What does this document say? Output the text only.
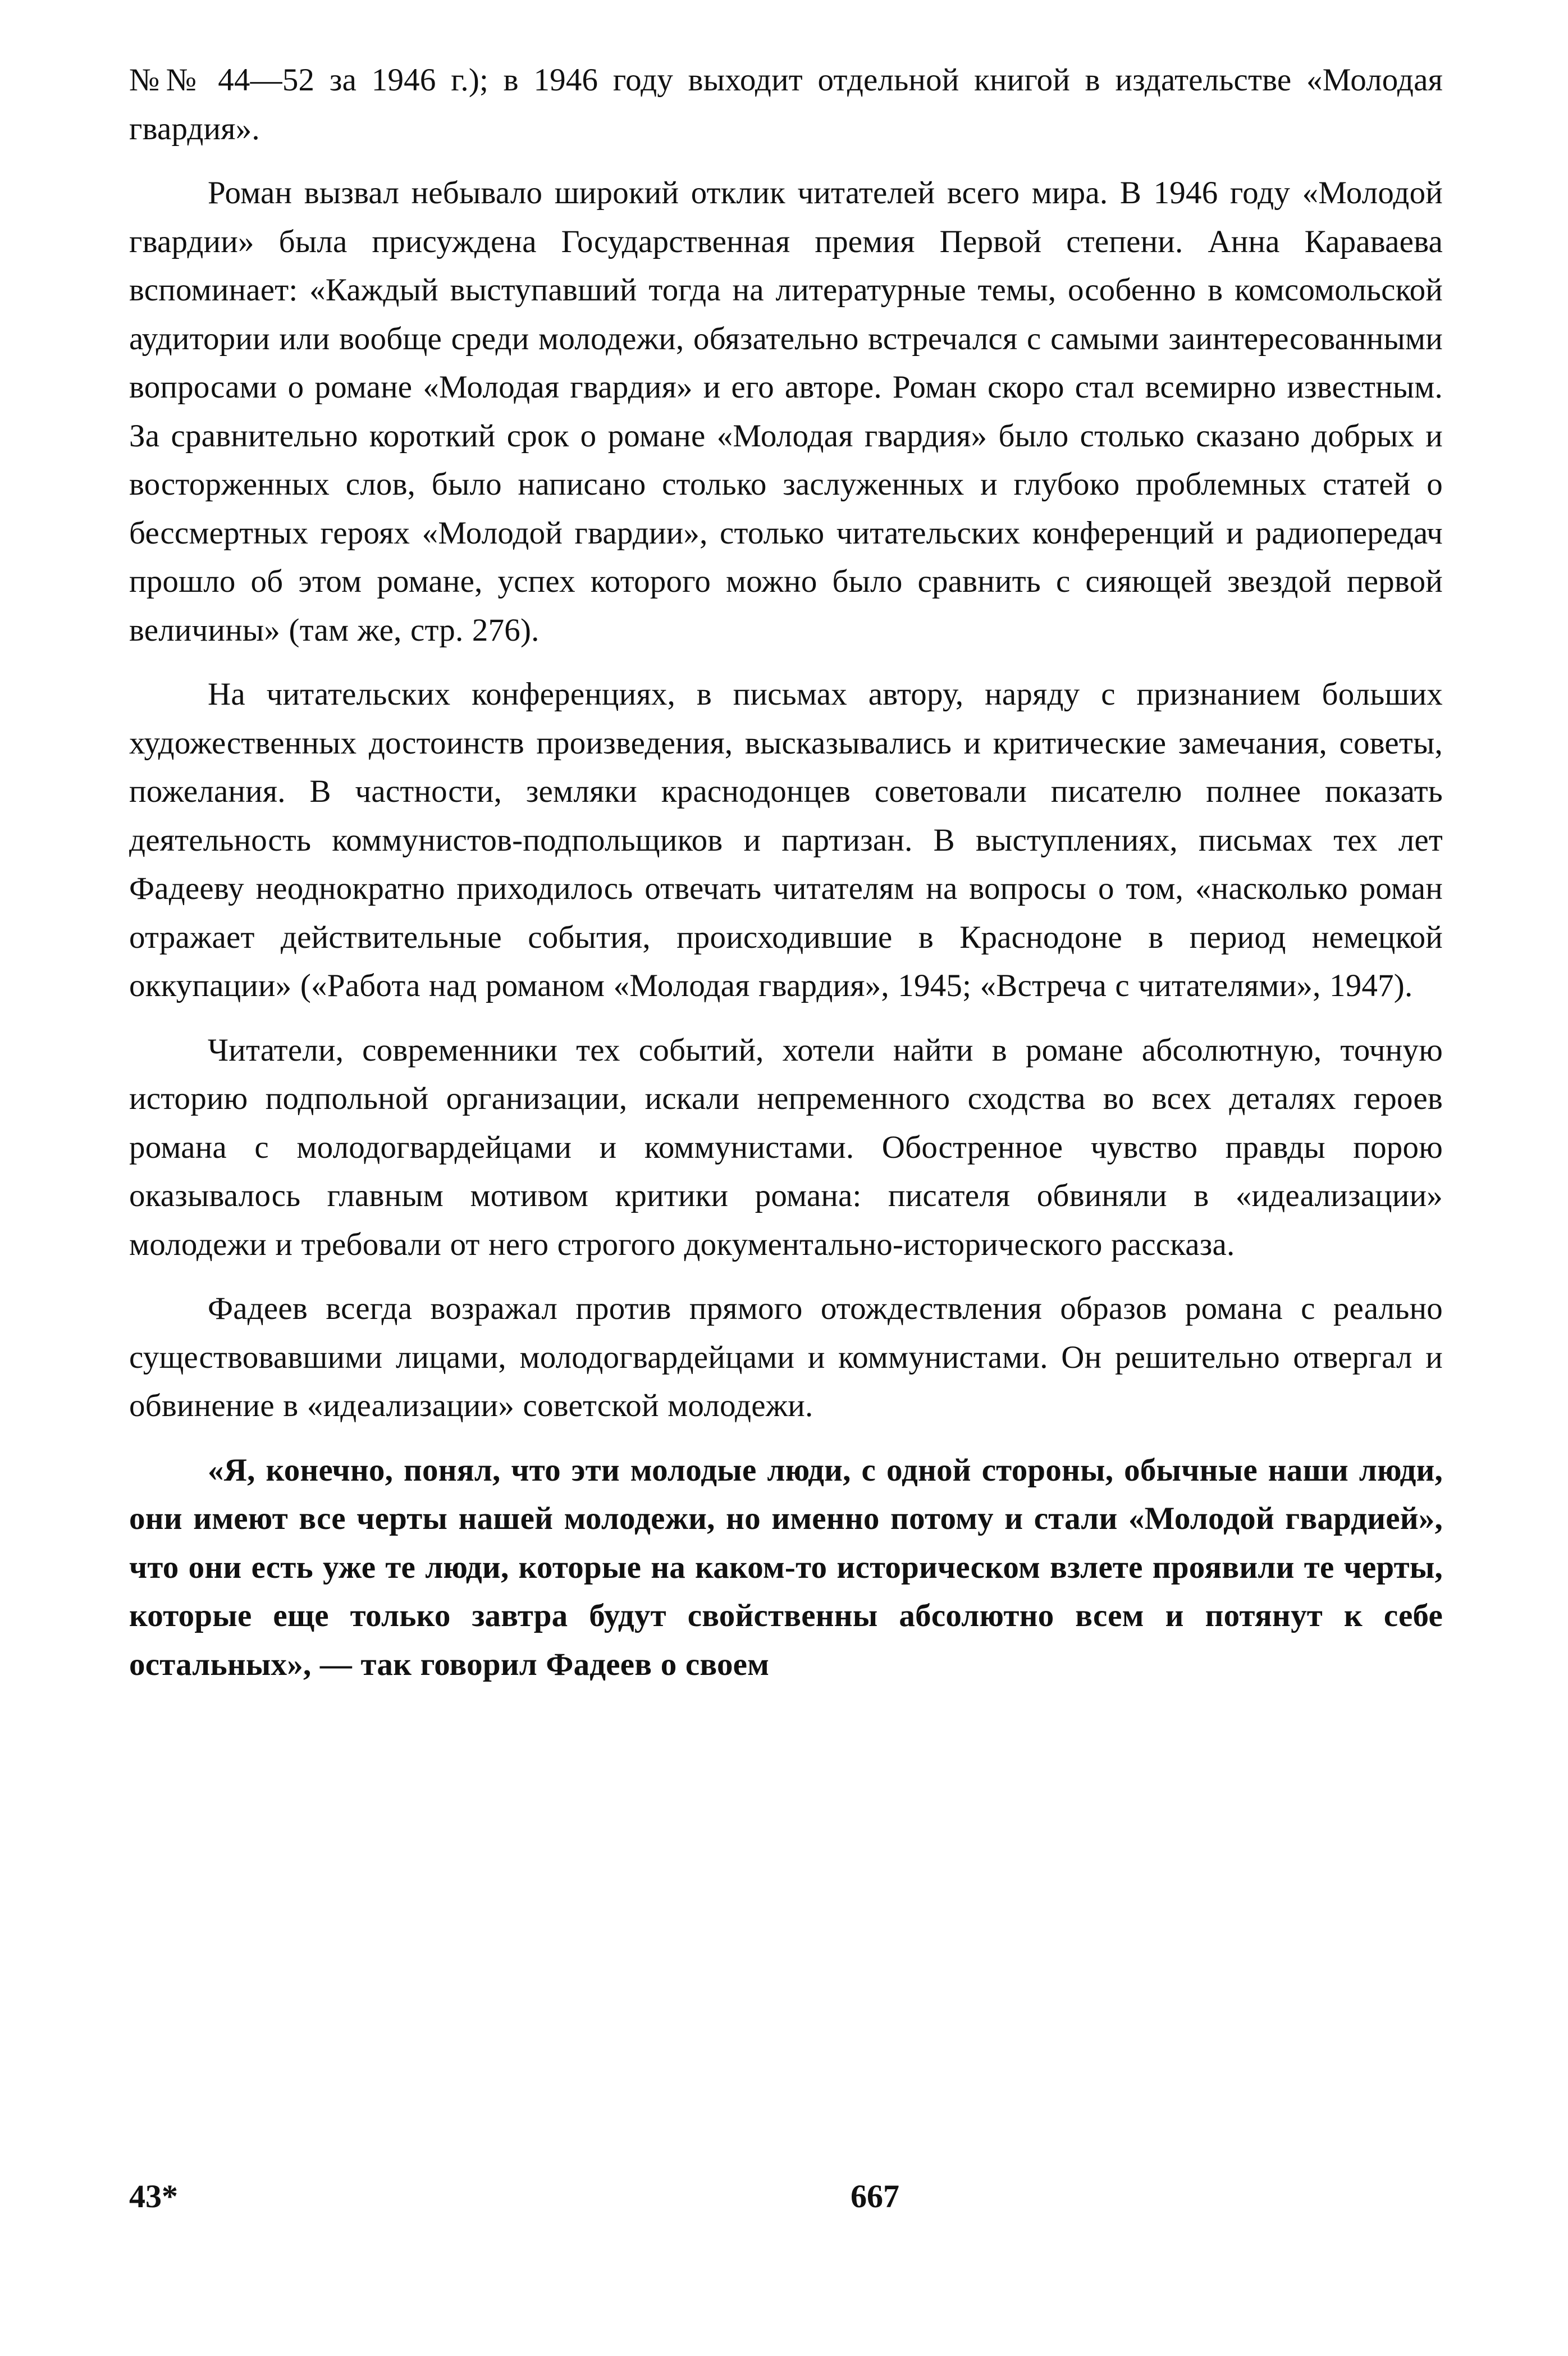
№№ 44—52 за 1946 г.); в 1946 году выходит отдельной книгой в издательстве «Молодая гвардия».

Роман вызвал небывало широкий отклик читателей всего мира. В 1946 году «Молодой гвардии» была присуждена Государственная премия Первой степени. Анна Караваева вспоминает: «Каждый выступавший тогда на литературные темы, особенно в комсомольской аудитории или вообще среди молодежи, обязательно встречался с самыми заинтересованными вопросами о романе «Молодая гвардия» и его авторе. Роман скоро стал всемирно известным. За сравнительно короткий срок о романе «Молодая гвардия» было столько сказано добрых и восторженных слов, было написано столько заслуженных и глубоко проблемных статей о бессмертных героях «Молодой гвардии», столько читательских конференций и радиопередач прошло об этом романе, успех которого можно было сравнить с сияющей звездой первой величины» (там же, стр. 276).

На читательских конференциях, в письмах автору, наряду с признанием больших художественных достоинств произведения, высказывались и критические замечания, советы, пожелания. В частности, земляки краснодонцев советовали писателю полнее показать деятельность коммунистов-подпольщиков и партизан. В выступлениях, письмах тех лет Фадееву неоднократно приходилось отвечать читателям на вопросы о том, «насколько роман отражает действительные события, происходившие в Краснодоне в период немецкой оккупации» («Работа над романом «Молодая гвардия», 1945; «Встреча с читателями», 1947).

Читатели, современники тех событий, хотели найти в романе абсолютную, точную историю подпольной организации, искали непременного сходства во всех деталях героев романа с молодогвардейцами и коммунистами. Обостренное чувство правды порою оказывалось главным мотивом критики романа: писателя обвиняли в «идеализации» молодежи и требовали от него строгого документально-исторического рассказа.

Фадеев всегда возражал против прямого отождествления образов романа с реально существовавшими лицами, молодогвардейцами и коммунистами. Он решительно отвергал и обвинение в «идеализации» советской молодежи.

«Я, конечно, понял, что эти молодые люди, с одной стороны, обычные наши люди, они имеют все черты нашей молодежи, но именно потому и стали «Молодой гвардией», что они есть уже те люди, которые на каком-то историческом взлете проявили те черты, которые еще только завтра будут свойственны абсолютно всем и потянут к себе остальных», — так говорил Фадеев о своем

43*	667
